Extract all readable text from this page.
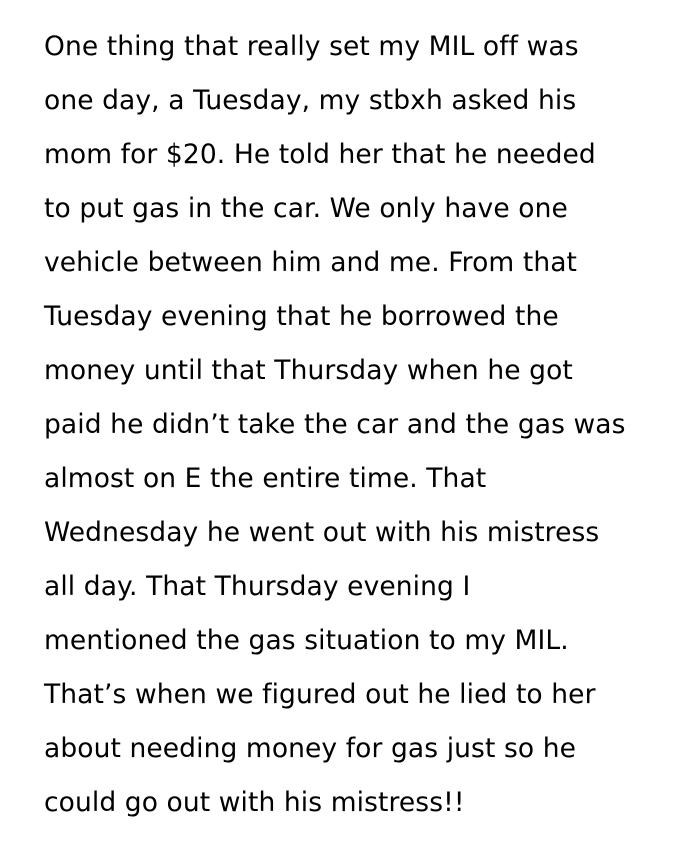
One thing that really set my MIL off was
one day, a Tuesday, my stbxh asked his
mom for $20. He told her that he needed
to put gas in the car. We only have one
vehicle between him and me. From that
Tuesday evening that he borrowed the
money until that Thursday when he got
paid he didn’t take the car and the gas was
almost on E the entire time. That
Wednesday he went out with his mistress
all day. That Thursday evening I
mentioned the gas situation to my MIL.
That’s when we figured out he lied to her
about needing money for gas just so he
could go out with his mistress!!
